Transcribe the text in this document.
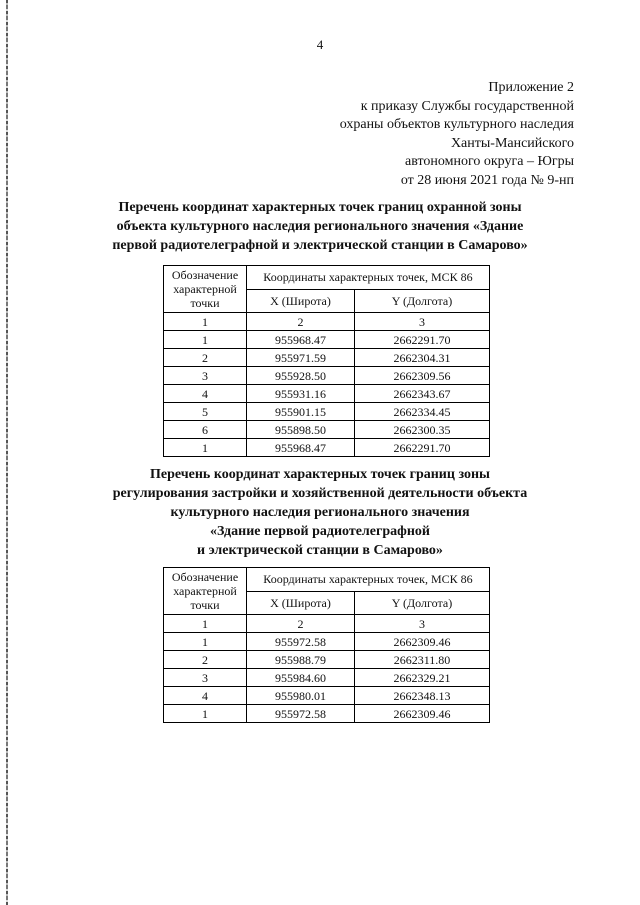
4
Приложение 2
к приказу Службы государственной
охраны объектов культурного наследия
Ханты-Мансийского
автономного округа – Югры
от 28 июня 2021 года № 9-нп
Перечень координат характерных точек границ охранной зоны
объекта культурного наследия регионального значения «Здание
первой радиотелеграфной и электрической станции в Самарово»
Обозначение
характерной
точки	Координаты характерных точек, МСК 86	
	X (Широта)	Y (Долгота)
1	2	3
1	955968.47	2662291.70
2	955971.59	2662304.31
3	955928.50	2662309.56
4	955931.16	2662343.67
5	955901.15	2662334.45
6	955898.50	2662300.35
1	955968.47	2662291.70
Перечень координат характерных точек границ зоны
регулирования застройки и хозяйственной деятельности объекта
культурного наследия регионального значения
«Здание первой радиотелеграфной
и электрической станции в Самарово»
Обозначение
характерной
точки	Координаты характерных точек, МСК 86	
	X (Широта)	Y (Долгота)
1	2	3
1	955972.58	2662309.46
2	955988.79	2662311.80
3	955984.60	2662329.21
4	955980.01	2662348.13
1	955972.58	2662309.46
